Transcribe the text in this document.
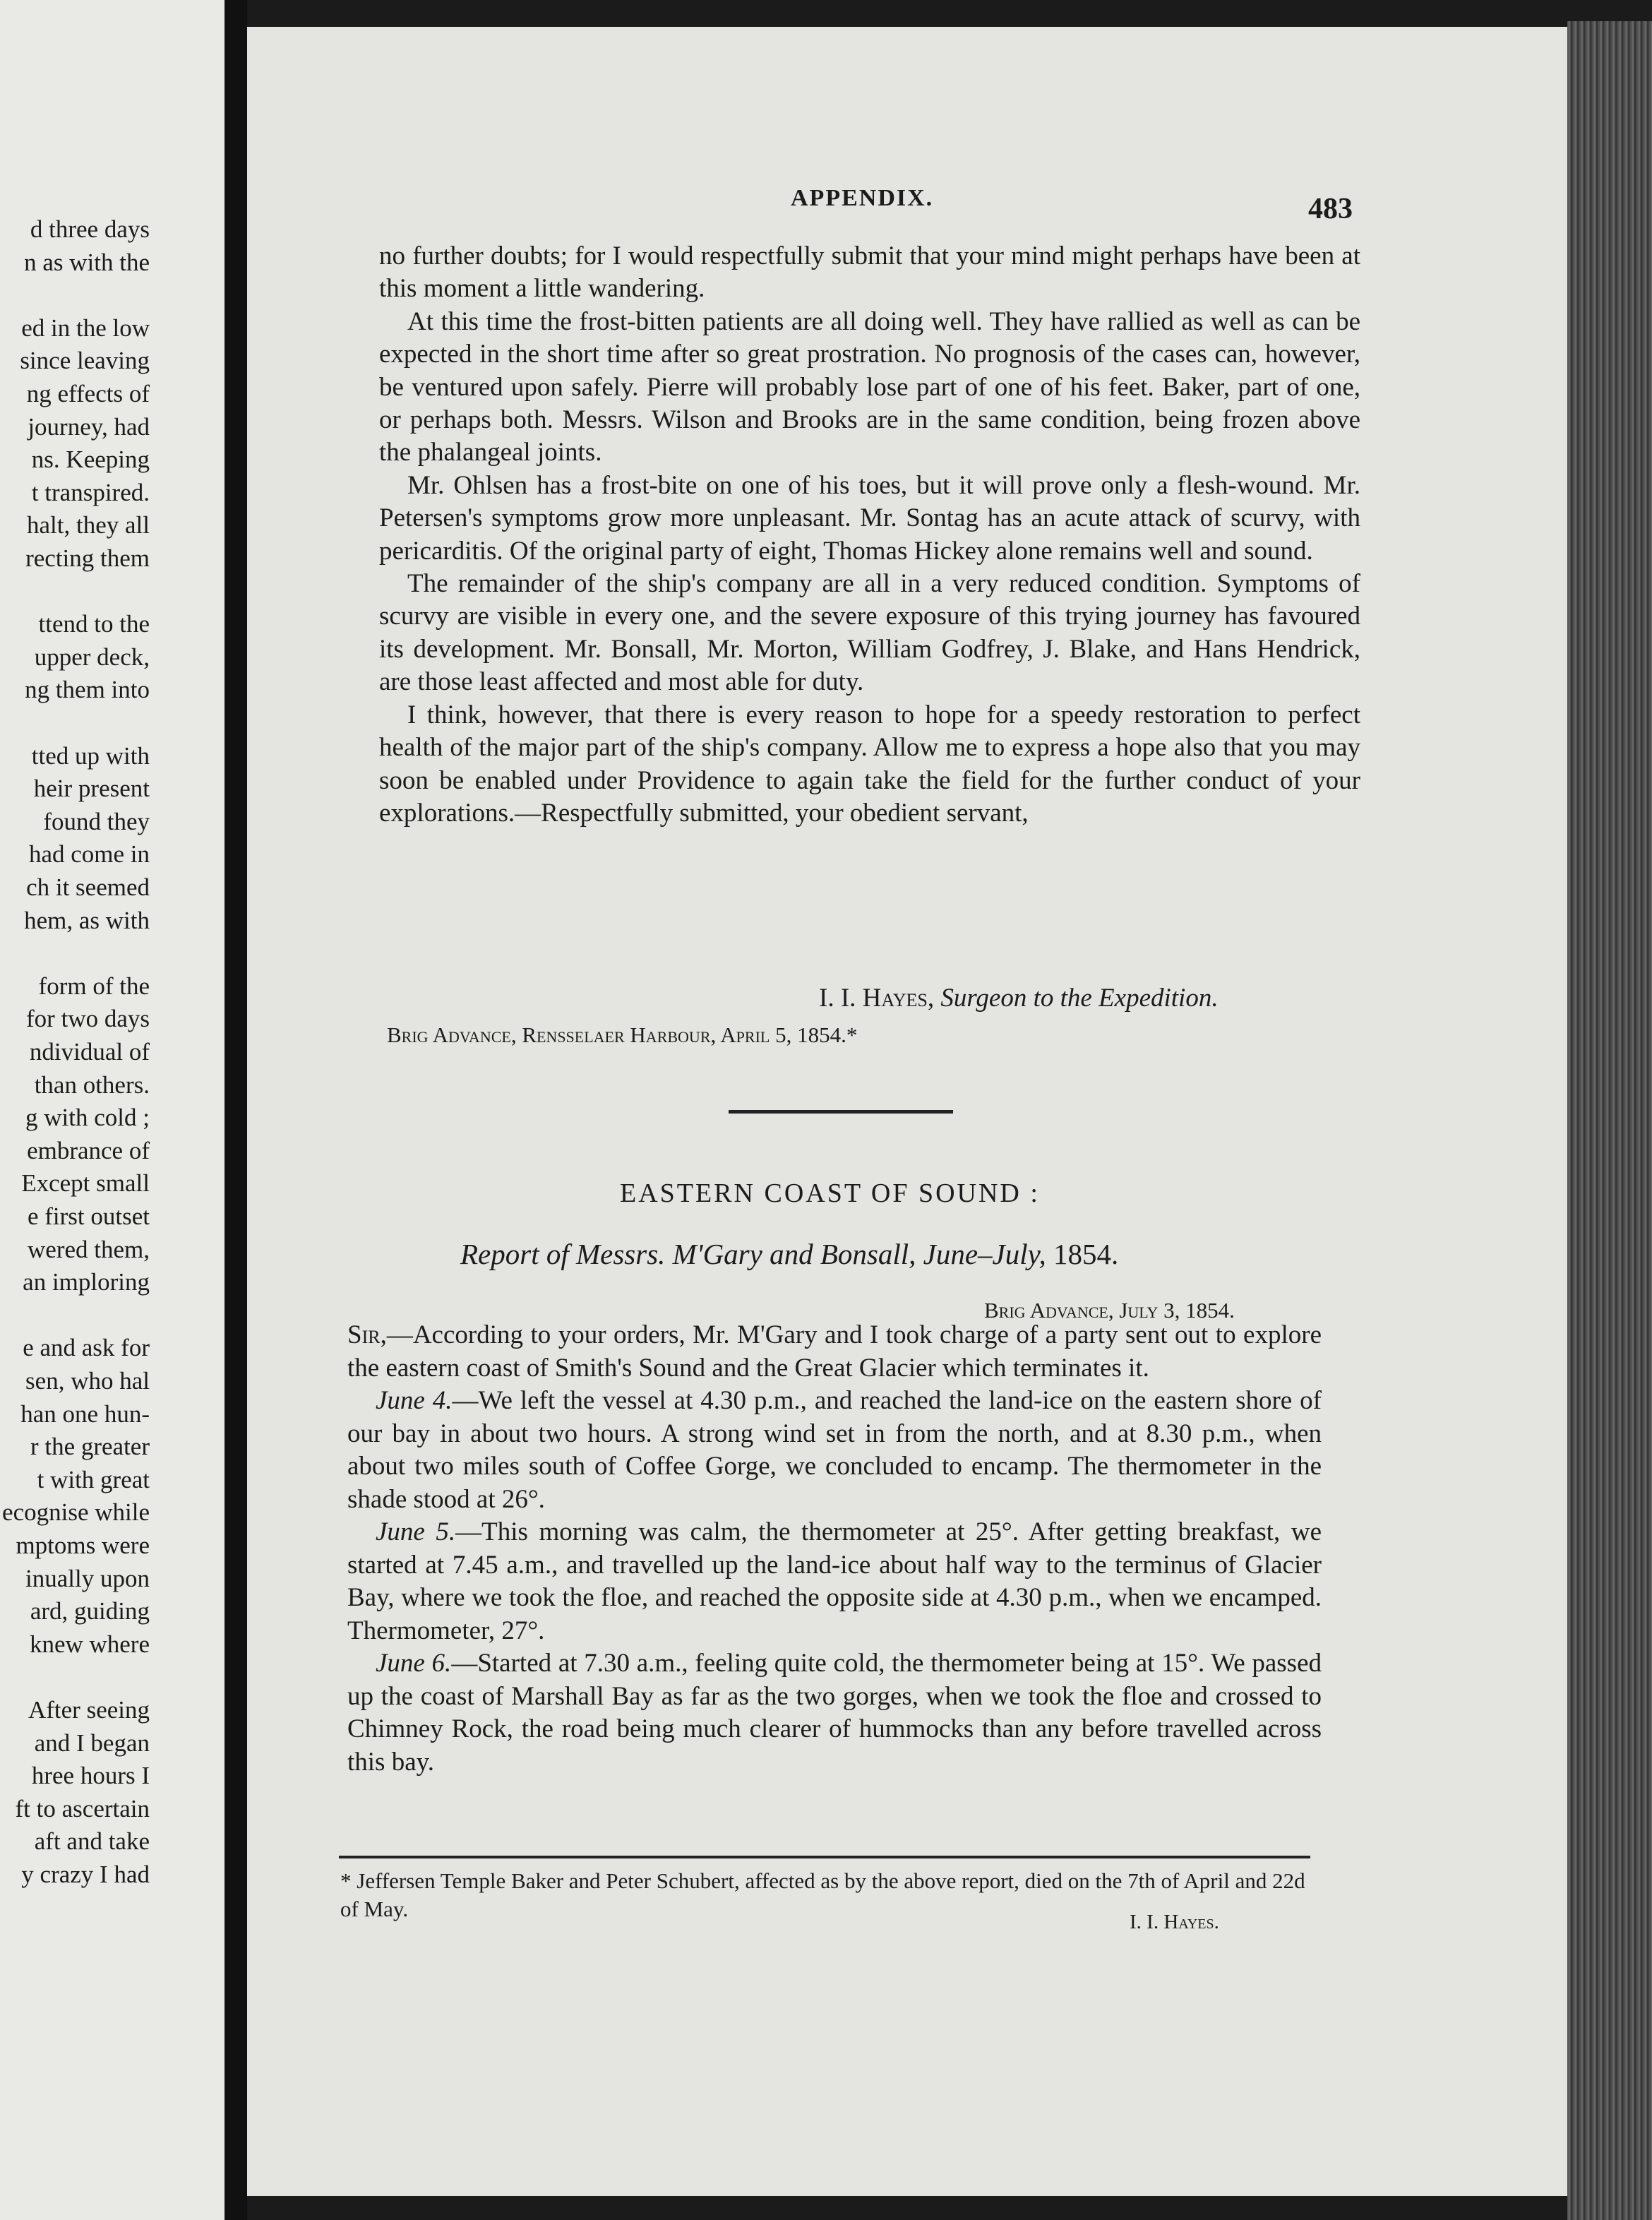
d three days
n as with the
ed in the low
since leaving
ng effects of
journey, had
ns. Keeping
t transpired.
halt, they all
recting them
ttend to the
upper deck,
ng them into
tted up with
heir present
found they
had come in
ch it seemed
hem, as with
form of the
for two days
ndividual of
than others.
g with cold ;
embrance of
Except small
e first outset
wered them,
an imploring
e and ask for
sen, who hal
han one hun-
r the greater
t with great
ecognise while
mptoms were
inually upon
ard, guiding
knew where
After seeing
and I began
hree hours I
ft to ascertain
aft and take
y crazy I had
APPENDIX.	483

no further doubts; for I would respectfully submit that your mind might perhaps have been at this moment a little wandering.

At this time the frost-bitten patients are all doing well. They have rallied as well as can be expected in the short time after so great prostration. No prognosis of the cases can, however, be ventured upon safely. Pierre will probably lose part of one of his feet. Baker, part of one, or perhaps both. Messrs. Wilson and Brooks are in the same condition, being frozen above the phalangeal joints.

Mr. Ohlsen has a frost-bite on one of his toes, but it will prove only a flesh-wound. Mr. Petersen's symptoms grow more unpleasant. Mr. Sontag has an acute attack of scurvy, with pericarditis. Of the original party of eight, Thomas Hickey alone remains well and sound.

The remainder of the ship's company are all in a very reduced condition. Symptoms of scurvy are visible in every one, and the severe exposure of this trying journey has favoured its development. Mr. Bonsall, Mr. Morton, William Godfrey, J. Blake, and Hans Hendrick, are those least affected and most able for duty.

I think, however, that there is every reason to hope for a speedy restoration to perfect health of the major part of the ship's company. Allow me to express a hope also that you may soon be enabled under Providence to again take the field for the further conduct of your explorations.—Respectfully submitted, your obedient servant,

I. I. Hayes, Surgeon to the Expedition.
Brig Advance, Rensselaer Harbour, April 5, 1854.*
EASTERN COAST OF SOUND :
Report of Messrs. M'Gary and Bonsall, June–July, 1854.
Brig Advance, July 3, 1854.

Sir,—According to your orders, Mr. M'Gary and I took charge of a party sent out to explore the eastern coast of Smith's Sound and the Great Glacier which terminates it.

June 4.—We left the vessel at 4.30 p.m., and reached the land-ice on the eastern shore of our bay in about two hours. A strong wind set in from the north, and at 8.30 p.m., when about two miles south of Coffee Gorge, we concluded to encamp. The thermometer in the shade stood at 26°.

June 5.—This morning was calm, the thermometer at 25°. After getting breakfast, we started at 7.45 a.m., and travelled up the land-ice about half way to the terminus of Glacier Bay, where we took the floe, and reached the opposite side at 4.30 p.m., when we encamped. Thermometer, 27°.

June 6.—Started at 7.30 a.m., feeling quite cold, the thermometer being at 15°. We passed up the coast of Marshall Bay as far as the two gorges, when we took the floe and crossed to Chimney Rock, the road being much clearer of hummocks than any before travelled across this bay.

* Jeffersen Temple Baker and Peter Schubert, affected as by the above report, died on the 7th of April and 22d of May.
I. I. Hayes.
